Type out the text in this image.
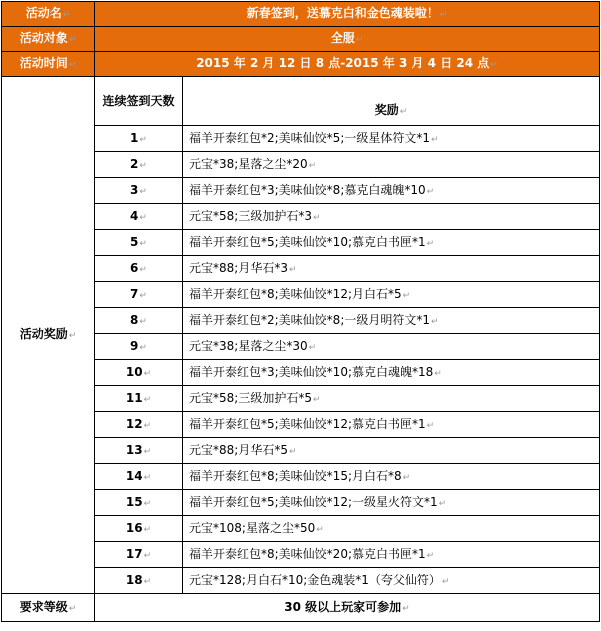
活动名↵	新春签到，送慕克白和金色魂装啦！↵	
活动对象↵	全服↵	
活动时间↵	2015 年 2 月 12 日 8 点-2015 年 3 月 4 日 24 点↵	
活动奖励↵	连续签到天数	奖励↵
	1↵	福羊开泰红包*2;美味仙饺*5;一级星体符文*1↵
	2↵	元宝*38;星落之尘*20↵
	3↵	福羊开泰红包*3;美味仙饺*8;慕克白魂魄*10↵
	4↵	元宝*58;三级加护石*3↵
	5↵	福羊开泰红包*5;美味仙饺*10;慕克白书匣*1↵
	6↵	元宝*88;月华石*3↵
	7↵	福羊开泰红包*8;美味仙饺*12;月白石*5↵
	8↵	福羊开泰红包*2;美味仙饺*8;一级月明符文*1↵
	9↵	元宝*38;星落之尘*30↵
	10↵	福羊开泰红包*3;美味仙饺*10;慕克白魂魄*18↵
	11↵	元宝*58;三级加护石*5↵
	12↵	福羊开泰红包*5;美味仙饺*12;慕克白书匣*1↵
	13↵	元宝*88;月华石*5↵
	14↵	福羊开泰红包*8;美味仙饺*15;月白石*8↵
	15↵	福羊开泰红包*5;美味仙饺*12;一级星火符文*1↵
	16↵	元宝*108;星落之尘*50↵
	17↵	福羊开泰红包*8;美味仙饺*20;慕克白书匣*1↵
	18↵	元宝*128;月白石*10;金色魂装*1（夸父仙符）↵
要求等级↵	30 级以上玩家可参加↵	
